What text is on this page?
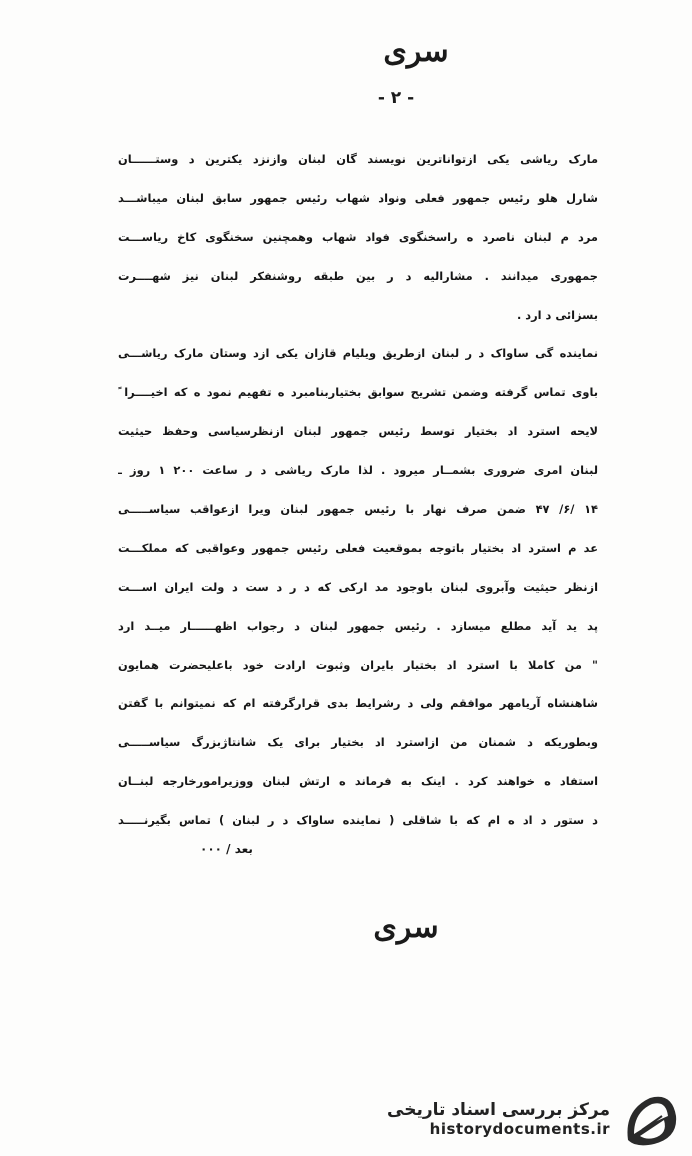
سری
- ۲ -
مارک ریاشی یکی ازتواناترین نویسند گان لبنان وازنزد یکترین د وستــــــان
شارل هلو رئیس جمهور فعلی ونواد شهاب رئیس جمهور سابق لبنان میباشـــد
مرد م لبنان ناصرد ه راسخنگوی فواد شهاب وهمچنین سخنگوی کاخ ریاســـت
جمهوری میدانند . مشارالیه د ر بین طبقه روشنفکر لبنان نیز شهــــرت
بسزائی د ارد .
نماینده گی ساواک د ر لبنان ازطریق ویلیام قازان یکی ازد وستان مارک ریاشـــی
باوی تماس گرفته وضمن تشریح سوابق بختیاربنامبرد ه تفهیم نمود ه که اخیــــرا ً
لایحه استرد اد بختیار توسط رئیس جمهور لبنان ازنظرسیاسی وحفظ حیثیت
لبنان امری ضروری بشمــار میرود . لذا مارک ریاشی د ر ساعت ۲۰۰ ۱ روز ـ
۱۴ /۶/ ۴۷ ضمن صرف نهار با رئیس جمهور لبنان ویرا ازعواقب سیاســـــی
عد م استرد اد بختیار باتوجه بموقعیت فعلی رئیس جمهور وعواقبی که مملکـــت
ازنظر حیثیت وآبروی لبنان باوجود مد ارکی که د ر د ست د ولت ایران اســـت
پد ید آید مطلع میسازد . رئیس جمهور لبنان د رجواب اظهــــــار میــد ارد
" من کاملا با استرد اد بختیار بایران وثبوت ارادت خود باعلیحضرت همایون
شاهنشاه آریامهر موافقم ولی د رشرایط بدی قرارگرفته ام که نمیتوانم با گفتن
وبطوریکه د شمنان من ازاسترد اد بختیار برای یک شانتاژبزرگ سیاســـــی
استفاد ه خواهند کرد . اینک به فرماند ه ارتش لبنان ووزیرامورخارجه لبنــان
د ستور د اد ه ام که با شاقلی ( نماینده ساواک د ر لبنان ) تماس بگیرنـــــد
بعد / ۰۰۰
سری
مرکز بررسی اسناد تاریخی
historydocuments.ir
